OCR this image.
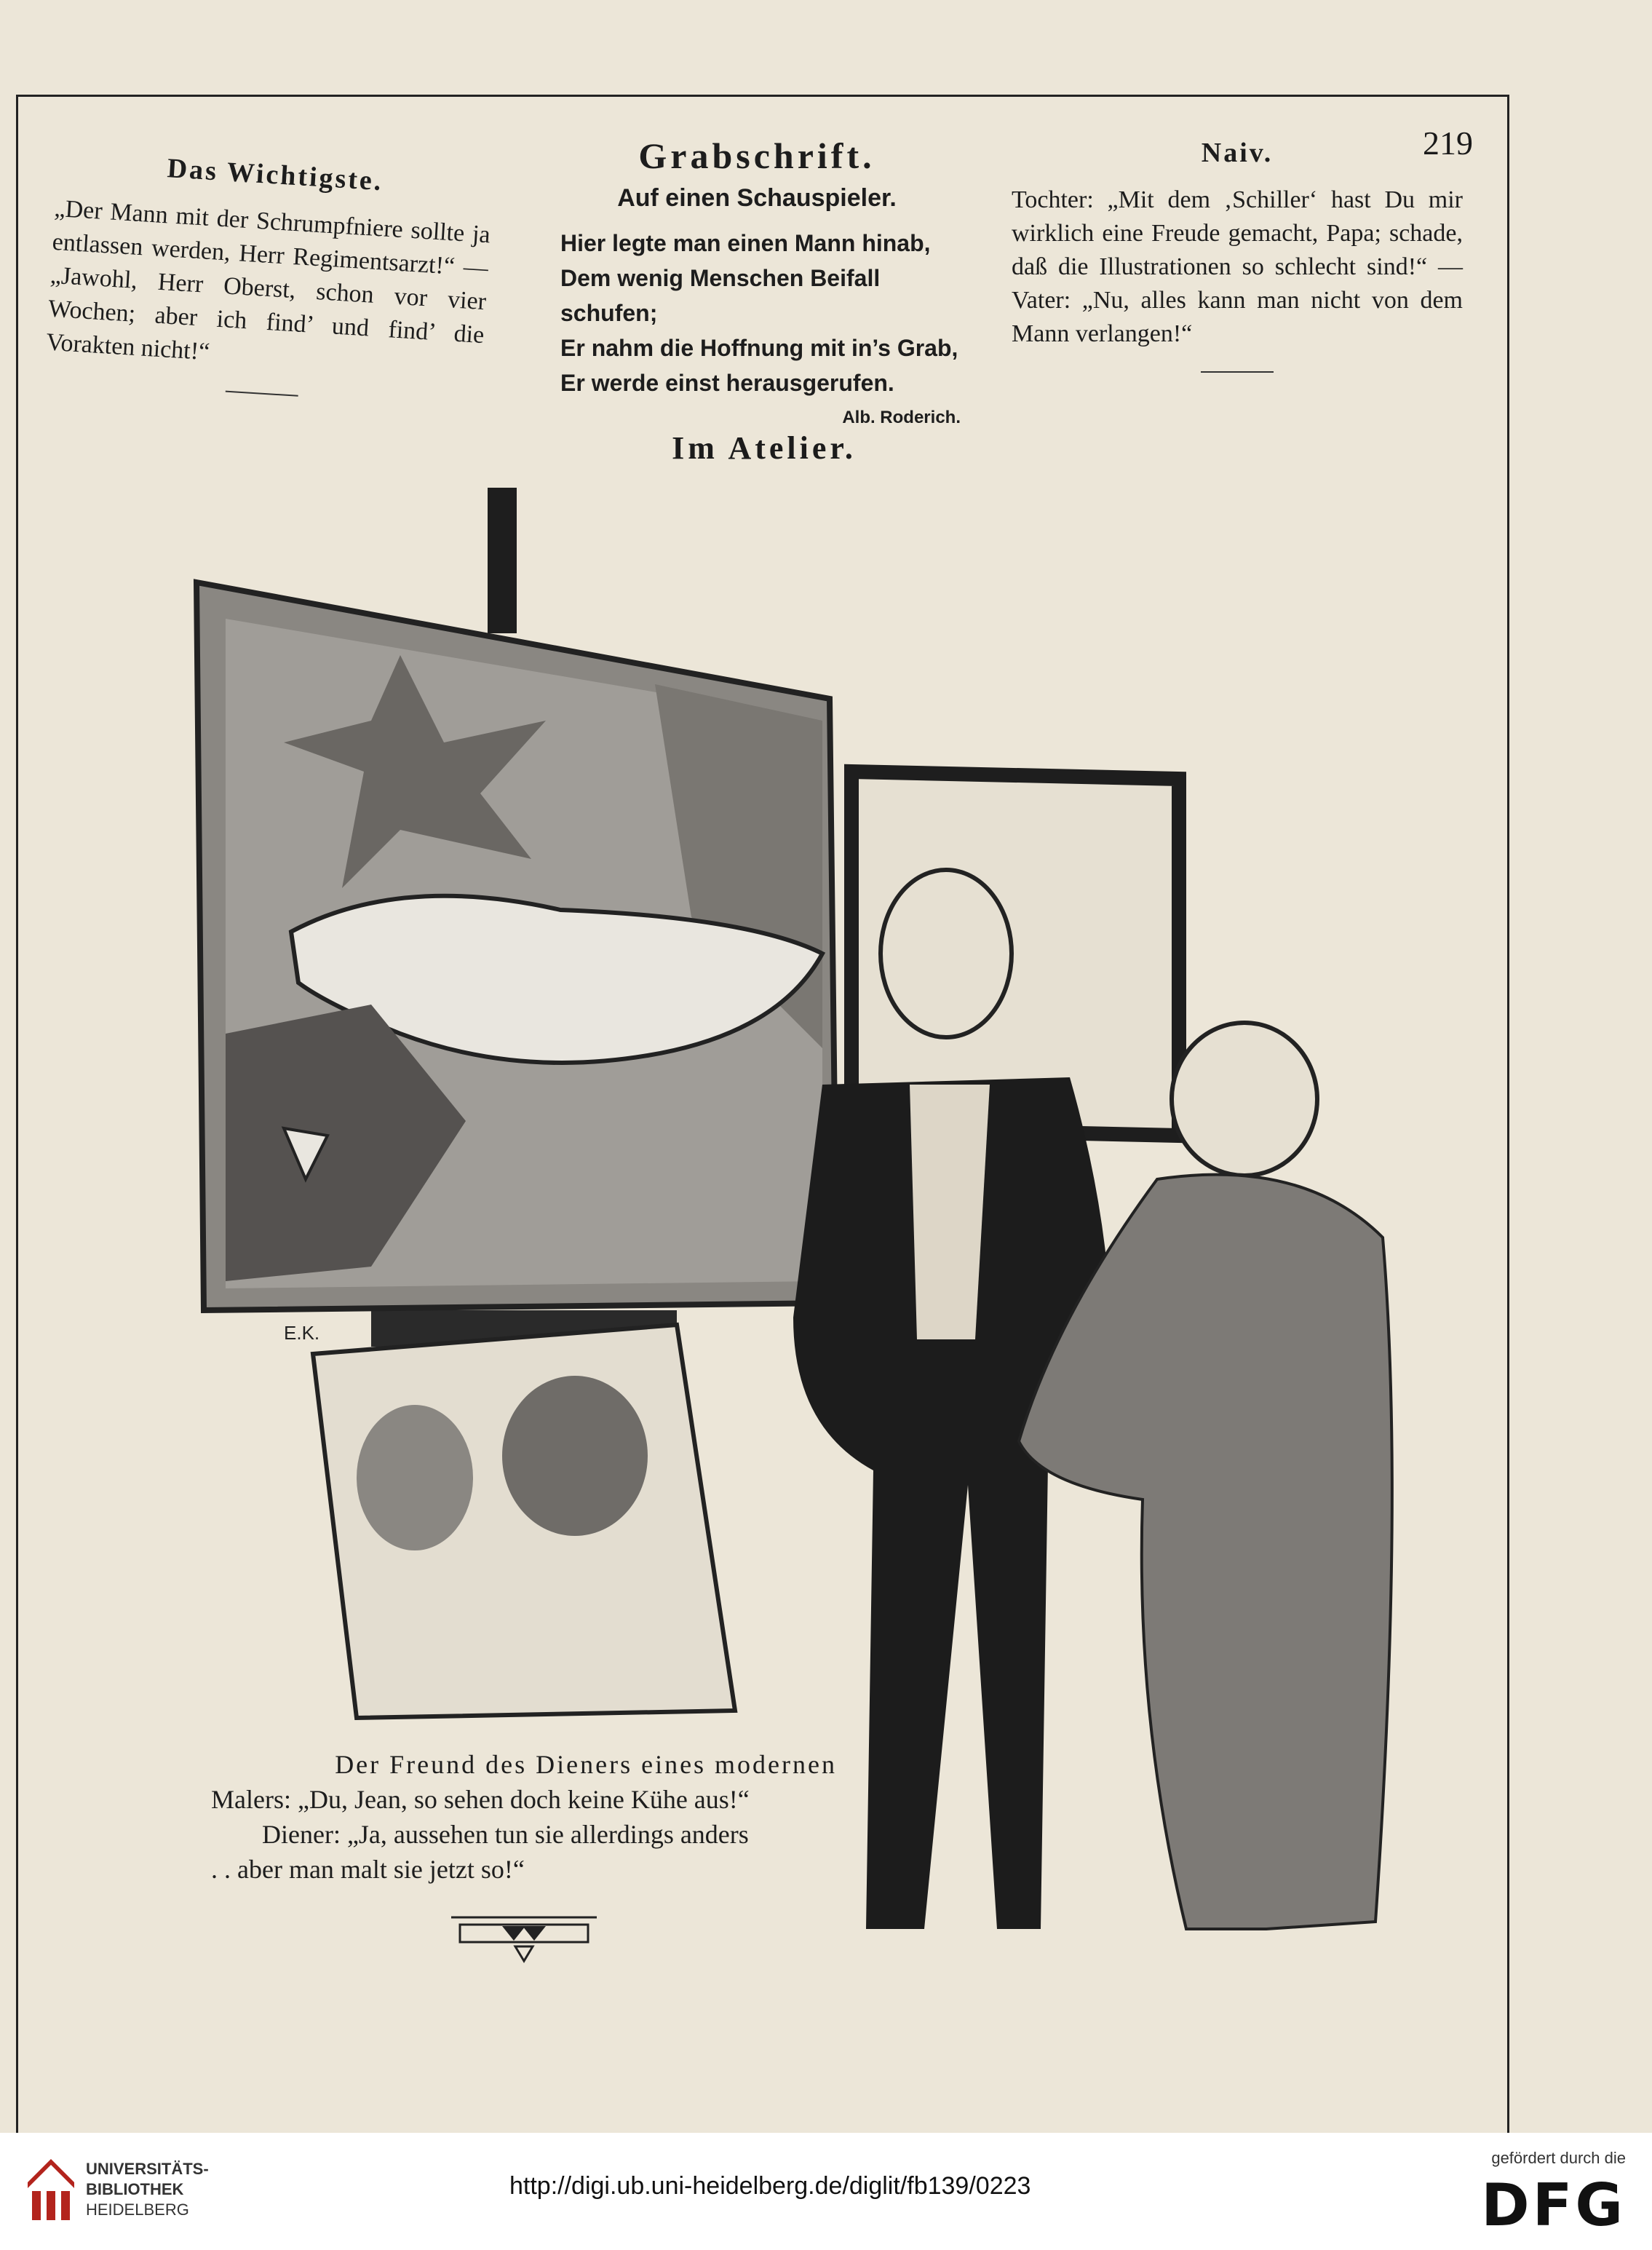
219
Das Wichtigste.

„Der Mann mit der Schrumpfniere sollte ja entlassen werden, Herr Regimentsarzt!“ — „Jawohl, Herr Oberst, schon vor vier Wochen; aber ich find’ und find’ die Vorakten nicht!“

Grabschrift.
Auf einen Schauspieler.
Hier legte man einen Mann hinab,
Dem wenig Menschen Beifall schufen;
Er nahm die Hoffnung mit in’s Grab,
Er werde einst herausgerufen.
Alb. Roderich.
Naiv.

Tochter: „Mit dem ‚Schiller‘ hast Du mir wirklich eine Freude gemacht, Papa; schade, daß die Illustrationen so schlecht sind!“ — Vater: „Nu, alles kann man nicht von dem Mann verlangen!“

Im Atelier.
E.K.
Der Freund des Dieners eines modernen
Malers: „Du, Jean, so sehen doch keine Kühe aus!“
Diener: „Ja, aussehen tun sie allerdings anders
. . aber man malt sie jetzt so!“
UNIVERSITÄTS-
BIBLIOTHEK
HEIDELBERG
http://digi.ub.uni-heidelberg.de/diglit/fb139/0223
gefördert durch die
DFG
